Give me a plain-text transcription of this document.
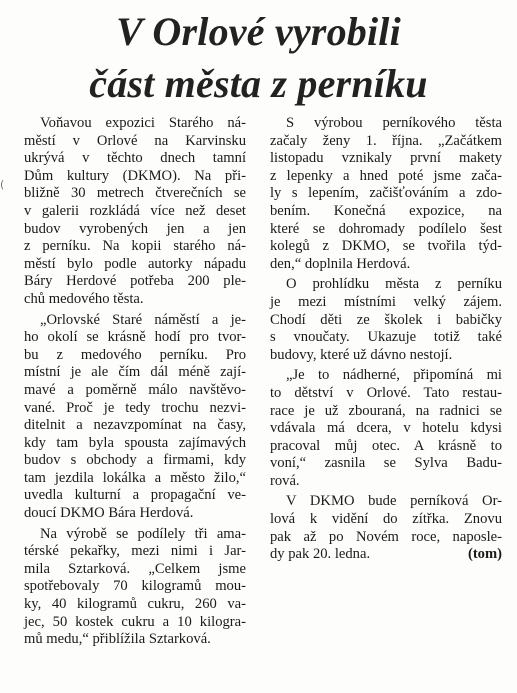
V Orlové vyrobili
část města z perníku
(
Voňavou expozici Starého ná-
městí v Orlové na Karvinsku
ukrývá v těchto dnech tamní
Dům kultury (DKMO). Na při-
bližně 30 metrech čtverečních se
v galerii rozkládá více než deset
budov vyrobených jen a jen
z perníku. Na kopii starého ná-
městí bylo podle autorky nápadu
Báry Herdové potřeba 200 ple-
chů medového těsta.
„Orlovské Staré náměstí a je-
ho okolí se krásně hodí pro tvor-
bu z medového perníku. Pro
místní je ale čím dál méně zají-
mavé a poměrně málo navštěvo-
vané. Proč je tedy trochu nezvi-
ditelnit a nezavzpomínat na časy,
kdy tam byla spousta zajímavých
budov s obchody a firmami, kdy
tam jezdila lokálka a město žilo,“
uvedla kulturní a propagační ve-
doucí DKMO Bára Herdová.
Na výrobě se podílely tři ama-
térské pekařky, mezi nimi i Jar-
mila Sztarková. „Celkem jsme
spotřebovaly 70 kilogramů mou-
ky, 40 kilogramů cukru, 260 va-
jec, 50 kostek cukru a 10 kilogra-
mů medu,“ přiblížila Sztarková.
S výrobou perníkového těsta
začaly ženy 1. října. „Začátkem
listopadu vznikaly první makety
z lepenky a hned poté jsme zača-
ly s lepením, začišťováním a zdo-
bením. Konečná expozice, na
které se dohromady podílelo šest
kolegů z DKMO, se tvořila týd-
den,“ doplnila Herdová.
O prohlídku města z perníku
je mezi místními velký zájem.
Chodí děti ze školek i babičky
s vnoučaty. Ukazuje totiž také
budovy, které už dávno nestojí.
„Je to nádherné, připomíná mi
to dětství v Orlové. Tato restau-
race je už zbouraná, na radnici se
vdávala má dcera, v hotelu kdysi
pracoval můj otec. A krásně to
voní,“ zasnila se Sylva Badu-
rová.
V DKMO bude perníková Or-
lová k vidění do zítřka. Znovu
pak až po Novém roce, naposle-
dy pak 20. ledna.	(tom)
